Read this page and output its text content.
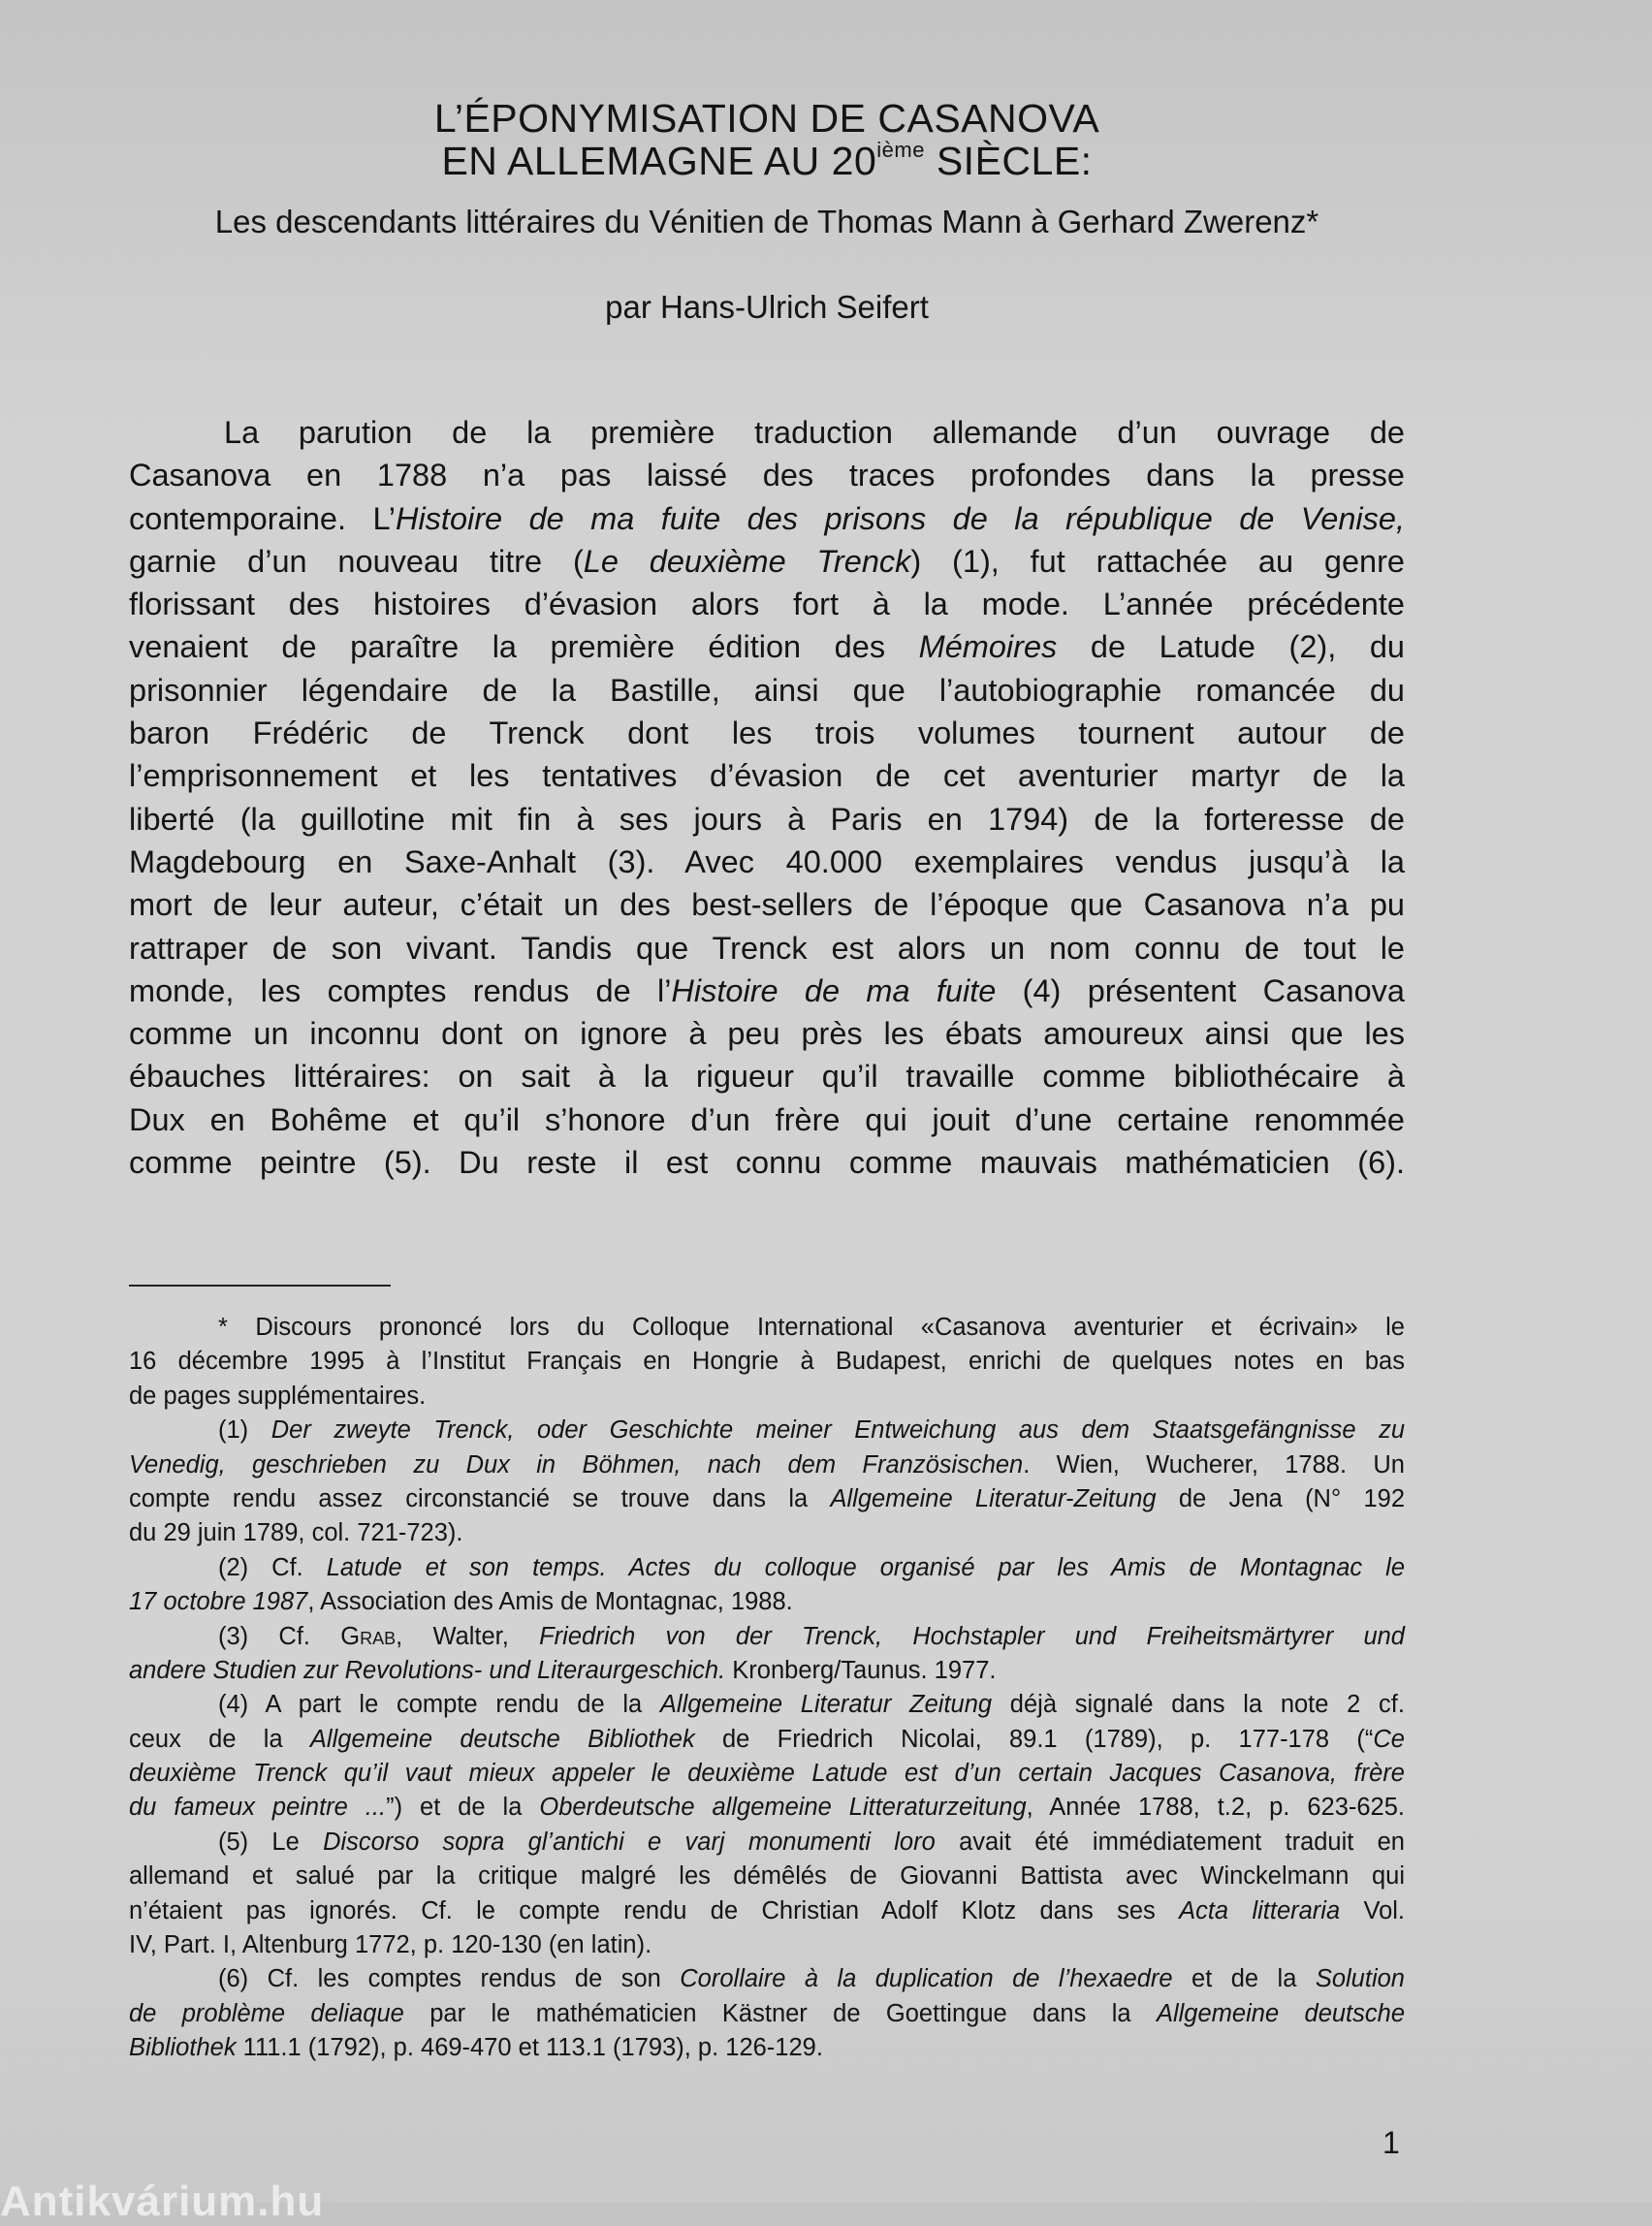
L’ÉPONYMISATION DE CASANOVA
EN ALLEMAGNE AU 20ième SIÈCLE:
Les descendants littéraires du Vénitien de Thomas Mann à Gerhard Zwerenz*
par Hans-Ulrich Seifert
La parution de la première traduction allemande d’un ouvrage de
Casanova en 1788 n’a pas laissé des traces profondes dans la presse
contemporaine. L’Histoire de ma fuite des prisons de la république de Venise,
garnie d’un nouveau titre (Le deuxième Trenck) (1), fut rattachée au genre
florissant des histoires d’évasion alors fort à la mode. L’année précédente
venaient de paraître la première édition des Mémoires de Latude (2), du
prisonnier légendaire de la Bastille, ainsi que l’autobiographie romancée du
baron Frédéric de Trenck dont les trois volumes tournent autour de
l’emprisonnement et les tentatives d’évasion de cet aventurier martyr de la
liberté (la guillotine mit fin à ses jours à Paris en 1794) de la forteresse de
Magdebourg en Saxe-Anhalt (3). Avec 40.000 exemplaires vendus jusqu’à la
mort de leur auteur, c’était un des best-sellers de l’époque que Casanova n’a pu
rattraper de son vivant. Tandis que Trenck est alors un nom connu de tout le
monde, les comptes rendus de l’Histoire de ma fuite (4) présentent Casanova
comme un inconnu dont on ignore à peu près les ébats amoureux ainsi que les
ébauches littéraires: on sait à la rigueur qu’il travaille comme bibliothécaire à
Dux en Bohême et qu’il s’honore d’un frère qui jouit d’une certaine renommée
comme peintre (5). Du reste il est connu comme mauvais mathématicien (6).
* Discours prononcé lors du Colloque International «Casanova aventurier et écrivain» le
16 décembre 1995 à l’Institut Français en Hongrie à Budapest, enrichi de quelques notes en bas
de pages supplémentaires.
(1) Der zweyte Trenck, oder Geschichte meiner Entweichung aus dem Staatsgefängnisse zu
Venedig, geschrieben zu Dux in Böhmen, nach dem Französischen. Wien, Wucherer, 1788. Un
compte rendu assez circonstancié se trouve dans la Allgemeine Literatur-Zeitung de Jena (N° 192
du 29 juin 1789, col. 721-723).
(2) Cf. Latude et son temps. Actes du colloque organisé par les Amis de Montagnac le
17 octobre 1987, Association des Amis de Montagnac, 1988.
(3) Cf. Grab, Walter, Friedrich von der Trenck, Hochstapler und Freiheitsmärtyrer und
andere Studien zur Revolutions- und Literaurgeschich. Kronberg/Taunus. 1977.
(4) A part le compte rendu de la Allgemeine Literatur Zeitung déjà signalé dans la note 2 cf.
ceux de la Allgemeine deutsche Bibliothek de Friedrich Nicolai, 89.1 (1789), p. 177-178 (“Ce
deuxième Trenck qu’il vaut mieux appeler le deuxième Latude est d’un certain Jacques Casanova, frère
du fameux peintre ...”) et de la Oberdeutsche allgemeine Litteraturzeitung, Année 1788, t.2, p. 623-625.
(5) Le Discorso sopra gl’antichi e varj monumenti loro avait été immédiatement traduit en
allemand et salué par la critique malgré les démêlés de Giovanni Battista avec Winckelmann qui
n’étaient pas ignorés. Cf. le compte rendu de Christian Adolf Klotz dans ses Acta litteraria Vol.
IV, Part. I, Altenburg 1772, p. 120-130 (en latin).
(6) Cf. les comptes rendus de son Corollaire à la duplication de l’hexaedre et de la Solution
de problème deliaque par le mathématicien Kästner de Goettingue dans la Allgemeine deutsche
Bibliothek 111.1 (1792), p. 469-470 et 113.1 (1793), p. 126-129.
1
Antikvárium.hu
